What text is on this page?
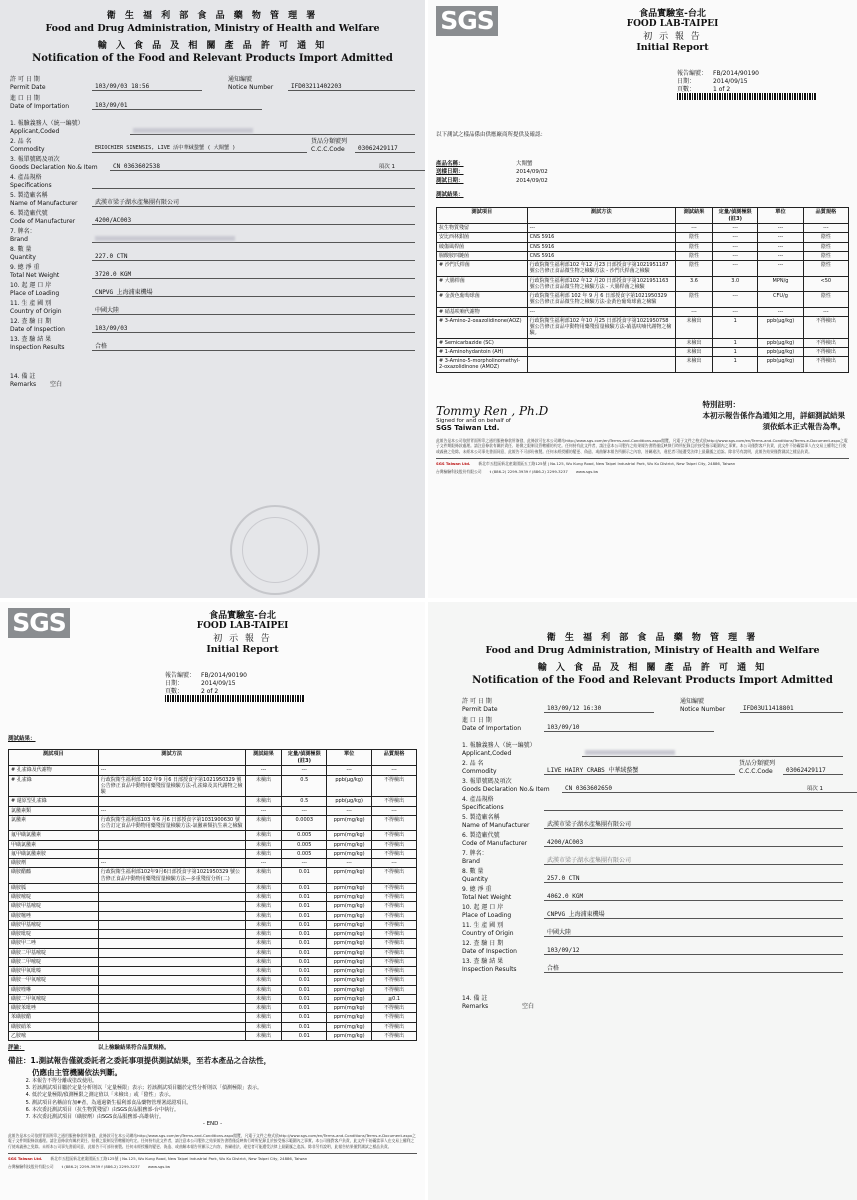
衛 生 福 利 部 食 品 藥 物 管 理 署
Food and Drug Administration, Ministry of Health and Welfare
輸 入 食 品 及 相 關 產 品 許 可 通 知
Notification of the Food and Relevant Products Import Admitted
許 可 日 期
Permit Date	103/09/03 18:56
通知編號
Notice Number	IFD03211402203
進 口 日 期
Date of Importation	103/09/01
1. 報驗義務人（統一編號）
Applicant,Coded
2. 品 名
Commodity	ERIOCHIER SINENSIS, LIVE 活中華絨螯蟹 ( 大閘蟹 )
貨品分類號列
C.C.C.Code	03062429117
3. 報單號碼及項次
Goods Declaration No.& Item	CN 0363602538	項次 1
4. 產品規格
Specifications
5. 製造廠名稱
Name of Manufacturer	武漢市梁子湖水產集團有限公司
6. 製造廠代號
Code of Manufacturer	4200/AC003
7. 牌名：
Brand
8. 數 量
Quantity	227.0 CTN
9. 總 淨 重
Total Net Weight	3720.0 KGM
10. 起 運 口 岸
Place of Loading	CNPVG 上海浦東機場
11. 生 產 國 別
Country of Origin	中國大陸
12. 查 驗 日 期
Date of Inspection	103/09/03
13. 查 驗 結 果
Inspection Results	合格
14. 備 註
Remarks	空白
SGS	食品實驗室-台北
FOOD LAB-TAIPEI
初 示 報 告
Initial Report
報告編號： FB/2014/90190
日期：	2014/09/15
頁數：	1 of 2
以下測試之樣品係由供應廠商所提供及確認：
產品名稱：	大閘蟹
送樣日期：	2014/09/02
測試日期：	2014/09/02
測試結果：
測試項目	測試方法	測試結果	定量/偵測極限(註3)	單位	品質規格
抗生物質殘留	---	---	---	---	---
安比西林鉗菌	CNS 5916	陰性	---	---	陰性
破傷風桿菌	CNS 5916	陰性	---	---	陰性
腸酸胺四鏈菌	CNS 5916	陰性	---	---	陰性
# 沙門氏桿菌	行政院衛生福利部102 年12 月23 日部授食字第1021951187 號公告修正食品微生物之檢驗方法 - 沙門氏桿菌之檢驗	陰性	---	---	陰性
# 大腸桿菌	行政院衛生福利部102 年12 月20 日部授食字第1021951163 號公告修正食品微生物之檢驗方法 - 大腸桿菌之檢驗	3.6	3.0	MPN/g	<50
# 金黃色葡萄球菌	行政院衛生福利部 102 年 9 月 6 日部授食字第1021950329 號公告修正食品微生物之檢驗方法-金黃色葡萄球菌之檢驗	陰性	---	CFU/g	陰性
# 硝基呋喃代謝物	---	---	---	---	---
# 3-Amino-2-oxazolidinone(AOZ)	行政院衛生福利部102 年10 月25 日部授食字第1021950758號公告修正食品中動物用藥殘留量檢驗方法-硝基呋喃代謝物之檢驗。	未檢出	1	ppb(μg/kg)	不得檢出
# Semicarbazide (SC)		未檢出	1	ppb(μg/kg)	不得檢出
# 1-Aminohydantoin (AH)		未檢出	1	ppb(μg/kg)	不得檢出
# 3-Amino-5-morpholinomethyl-2-oxazolidinone (AMOZ)		未檢出	1	ppb(μg/kg)	不得檢出
Tommy Ren , Ph.D
Signed for and on behalf of
SGS Taiwan Ltd.
特別註明：
本初示報告係作為通知之用，詳細測試結果
須依紙本正式報告為準。
此報告是本公司依照背面所印之通用服務條款所簽發，此條款可在本公司網站http://www.sgs.com/en/Terms-and-Conditions.aspx閱覽，凡電子文件之格式依http://www.sgs.com/en/Terms-and-Conditions/Terms-e-Document.aspx之電子文件期限條款處理。請注意條款有關於責任、賠償之限制及管轄權的約定。任何持有此文件者，請注意本公司製作之結果報告書將僅反映執行時所紀錄且於接受指示範圍內之事實。本公司僅對客戶負責，此文件不妨礙當事人在交易上權利之行使或義務之免除。未經本公司事先書面同意，此報告不可部份複製。任何未經授權的變更、偽造、或曲解本報告所顯示之內容，皆屬違法，違犯者可能遭受法律上最嚴厲之追訴。除非另有說明，此報告結果僅對測試之樣品負責。
SGS Taiwan Ltd. 新北市五股區新北產業園區五工路125號 | No.125, Wu Kung Road, New Taipei Industrial Park, Wu Ku District, New Taipei City, 24886, Taiwan
台灣檢驗科技股份有限公司 t (886-2) 2299-3939 f (886-2) 2299-3237 www.sgs.tw
SGS	食品實驗室-台北
FOOD LAB-TAIPEI
初 示 報 告
Initial Report
報告編號： FB/2014/90190
日期：	2014/09/15
頁數：	2 of 2
測試結果：
測試項目	測試方法	測試結果	定量/偵測極限(註3)	單位	品質規格
# 孔雀綠及代謝物	---	---	---	---	---
# 孔雀綠	行政院衛生福利部 102 年9 月6 日部授食字第1021950329 號公告修正食品中動物用藥殘留量檢驗方法-孔雀綠及其代謝物之檢驗	未檢出	0.5	ppb(μg/kg)	不得檢出
# 還原型孔雀綠		未檢出	0.5	ppb(μg/kg)	不得檢出
氯黴素類	---	---	---	---	---
氯黴素	行政院衛生福利部103 年6 月6 日部授食字第1031900630 號公告訂定食品中動物用藥殘留量檢驗方法-氯黴素類抗生素之檢驗	未檢出	0.0003	ppm(mg/kg)	不得檢出
氟甲磺氯黴素		未檢出	0.005	ppm(mg/kg)	不得檢出
甲磺氯黴素		未檢出	0.005	ppm(mg/kg)	不得檢出
氟甲磺氯黴素胺		未檢出	0.005	ppm(mg/kg)	不得檢出
磺胺劑	---	---	---	---	---
磺胺醋醯	行政院衛生福利部102年9月6日部授食字第1021950329 號公告修正食品中動物用藥殘留量檢驗方法—多重殘留分析(二)	未檢出	0.01	ppm(mg/kg)	不得檢出
磺胺胍		未檢出	0.01	ppm(mg/kg)	不得檢出
磺胺嘧啶		未檢出	0.01	ppm(mg/kg)	不得檢出
磺胺甲基嘧啶		未檢出	0.01	ppm(mg/kg)	不得檢出
磺胺噻唑		未檢出	0.01	ppm(mg/kg)	不得檢出
磺胺甲基嘧啶		未檢出	0.01	ppm(mg/kg)	不得檢出
磺胺吡啶		未檢出	0.01	ppm(mg/kg)	不得檢出
磺胺甲二唑		未檢出	0.01	ppm(mg/kg)	不得檢出
磺胺二甲基嘧啶		未檢出	0.01	ppm(mg/kg)	不得檢出
磺胺二甲嘧啶		未檢出	0.01	ppm(mg/kg)	不得檢出
磺胺甲氧吡嗪		未檢出	0.01	ppm(mg/kg)	不得檢出
磺胺一甲氧嘧啶		未檢出	0.01	ppm(mg/kg)	不得檢出
磺胺喹啉		未檢出	0.01	ppm(mg/kg)	不得檢出
磺胺二甲氧嘧啶		未檢出	0.01	ppm(mg/kg)	≦0.1
磺胺苯吡唑		未檢出	0.01	ppm(mg/kg)	不得檢出
苯磺胺醋		未檢出	0.01	ppm(mg/kg)	不得檢出
磺胺硝苯		未檢出	0.01	ppm(mg/kg)	不得檢出
乙胺嘧		未檢出	0.01	ppm(mg/kg)	不得檢出
評論：	以上檢驗結果符合品質規格。
備註：1.測試報告僅就委託者之委託事項提供測試結果，至若本產品之合法性，
仍應由主管機關依法判斷。
2. 本報告不得分離或塗改使用。
3. 若該測試項目屬於定量分析則以「定量極限」表示；若該測試項目屬於定性分析則以「偵測極限」表示。
4. 低於定量極限/偵測極限之測定值以「未檢出」或「陰性」表示。
5. 測試項目名稱前有加#者，為通過衛生福利部食品藥物管理署認證項目。
6. 本次委託測試項目（抗生物質殘留）由SGS食品服務部-台中執行。
7. 本次委託測試項目（磺胺劑）由SGS食品服務部-高雄執行。
- END -
此報告是本公司依照背面所印之通用服務條款所簽發，此條款可在本公司網站http://www.sgs.com/en/Terms-and-Conditions.aspx閱覽，凡電子文件之格式依http://www.sgs.com/en/Terms-and-Conditions/Terms-e-Document.aspx之電子文件期限條款處理。請注意條款有關於責任、賠償之限制及管轄權的約定。任何持有此文件者，請注意本公司製作之結果報告書將僅反映執行時所紀錄且於接受指示範圍內之事實。本公司僅對客戶負責，此文件不妨礙當事人在交易上權利之行使或義務之免除。未經本公司事先書面同意，此報告不可部份複製。任何未經授權的變更、偽造、或曲解本報告所顯示之內容，皆屬違法，違犯者可能遭受法律上最嚴厲之追訴。除非另有說明，此報告結果僅對測試之樣品負責。
SGS Taiwan Ltd. 新北市五股區新北產業園區五工路125號 | No.125, Wu Kung Road, New Taipei Industrial Park, Wu Ku District, New Taipei City, 24886, Taiwan
台灣檢驗科技股份有限公司 t (886-2) 2299-3939 f (886-2) 2299-3237 www.sgs.tw
衛 生 福 利 部 食 品 藥 物 管 理 署
Food and Drug Administration, Ministry of Health and Welfare
輸 入 食 品 及 相 關 產 品 許 可 通 知
Notification of the Food and Relevant Products Import Admitted
許 可 日 期
Permit Date	103/09/12 16:30
通知編號
Notice Number	IFD03U11418801
進 口 日 期
Date of Importation	103/09/10
1. 報驗義務人（統一編號）
Applicant,Coded
2. 品 名
Commodity	LIVE HAIRY CRABS 中華絨螯蟹
貨品分類號列
C.C.C.Code	03062429117
3. 報單號碼及項次
Goods Declaration No.& Item	CN 0363602650	項次 1
4. 產品規格
Specifications
5. 製造廠名稱
Name of Manufacturer	武漢市梁子湖水產集團有限公司
6. 製造廠代號
Code of Manufacturer	4200/AC003
7. 牌名：
Brand	武漢市梁子湖水產集團有限公司
8. 數 量
Quantity	257.0 CTN
9. 總 淨 重
Total Net Weight	4062.0 KGM
10. 起 運 口 岸
Place of Loading	CNPVG 上海浦東機場
11. 生 產 國 別
Country of Origin	中國大陸
12. 查 驗 日 期
Date of Inspection	103/09/12
13. 查 驗 結 果
Inspection Results	合格
14. 備 註
Remarks	空白
